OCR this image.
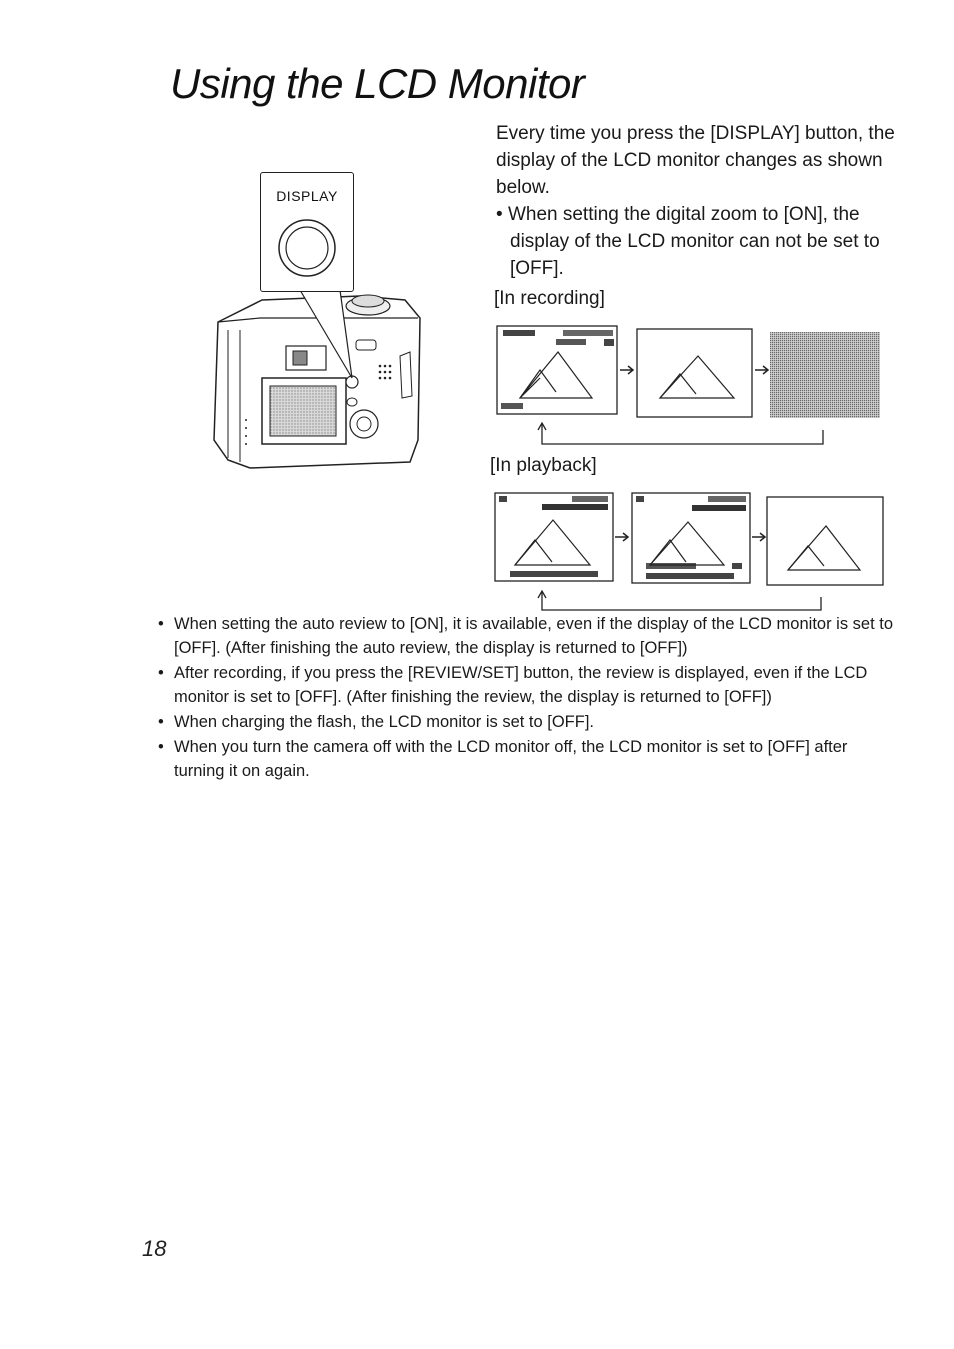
Using the LCD Monitor

Every time you press the [DISPLAY] button, the display of the LCD monitor changes as shown below.

• When setting the digital zoom to [ON], the display of the LCD monitor can not be set to [OFF].

DISPLAY
[In recording]
[In playback]
• When setting the auto review to [ON], it is available, even if the display of the LCD monitor is set to [OFF]. (After finishing the auto review, the display is returned to [OFF])
• After recording, if you press the [REVIEW/SET] button, the review is displayed, even if the LCD monitor is set to [OFF]. (After finishing the review, the display is returned to [OFF])
• When charging the flash, the LCD monitor is set to [OFF].
• When you turn the camera off with the LCD monitor off, the LCD monitor is set to [OFF] after turning it on again.
18
